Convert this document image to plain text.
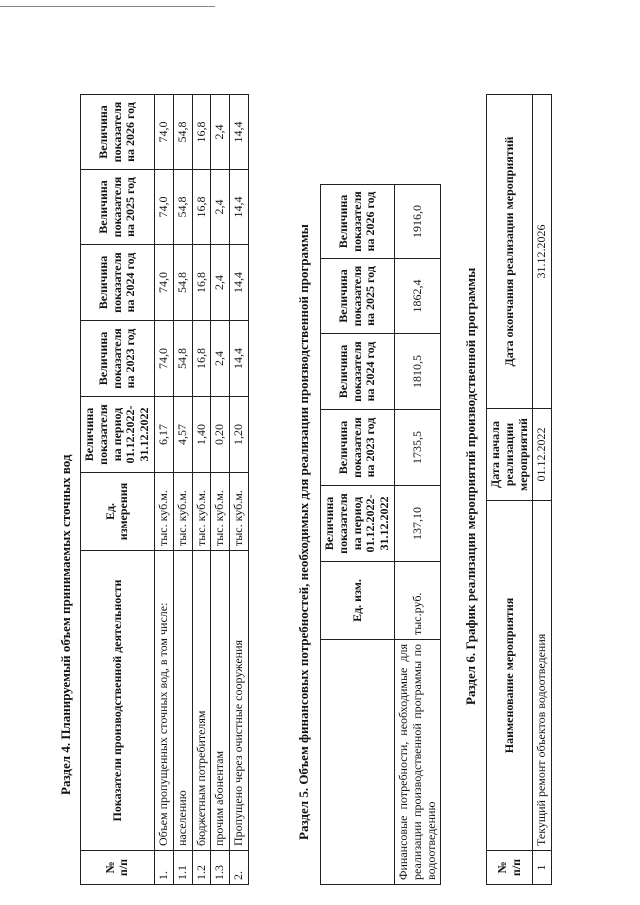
Раздел 4. Планируемый объем принимаемых сточных вод
№ п/п	Показатели производственной деятельности	Ед. измерения	Величина показателя на период 01.12.2022-31.12.2022	Величина показателя на 2023 год	Величина показателя на 2024 год	Величина показателя на 2025 год	Величина показателя на 2026 год
1.	Объем пропущенных сточных вод, в том числе:	тыс. куб.м.	6,17	74,0	74,0	74,0	74,0
1.1	населению	тыс. куб.м.	4,57	54,8	54,8	54,8	54,8
1.2	бюджетным потребителям	тыс. куб.м.	1,40	16,8	16,8	16,8	16,8
1.3	прочим абонентам	тыс. куб.м.	0,20	2,4	2,4	2,4	2,4
2.	Пропущено через очистные сооружения	тыс. куб.м.	1,20	14,4	14,4	14,4	14,4
Раздел 5. Объем финансовых потребностей, необходимых для реализации производственной программы
		Ед. изм.	Величина показателя на период 01.12.2022-31.12.2022	Величина показателя на 2023 год	Величина показателя на 2024 год	Величина показателя на 2025 год	Величина показателя на 2026 год
Финансовые потребности, необходимые для реализации производственной программы по водоотведению	тыс.руб.	137,10	1735,5	1810,5	1862,4	1916,0
Раздел 6. График реализации мероприятий производственной программы
№ п/п	Наименование мероприятия	Дата начала реализации мероприятий	Дата окончания реализации мероприятий
1	Текущий ремонт объектов водоотведения	01.12.2022	31.12.2026
